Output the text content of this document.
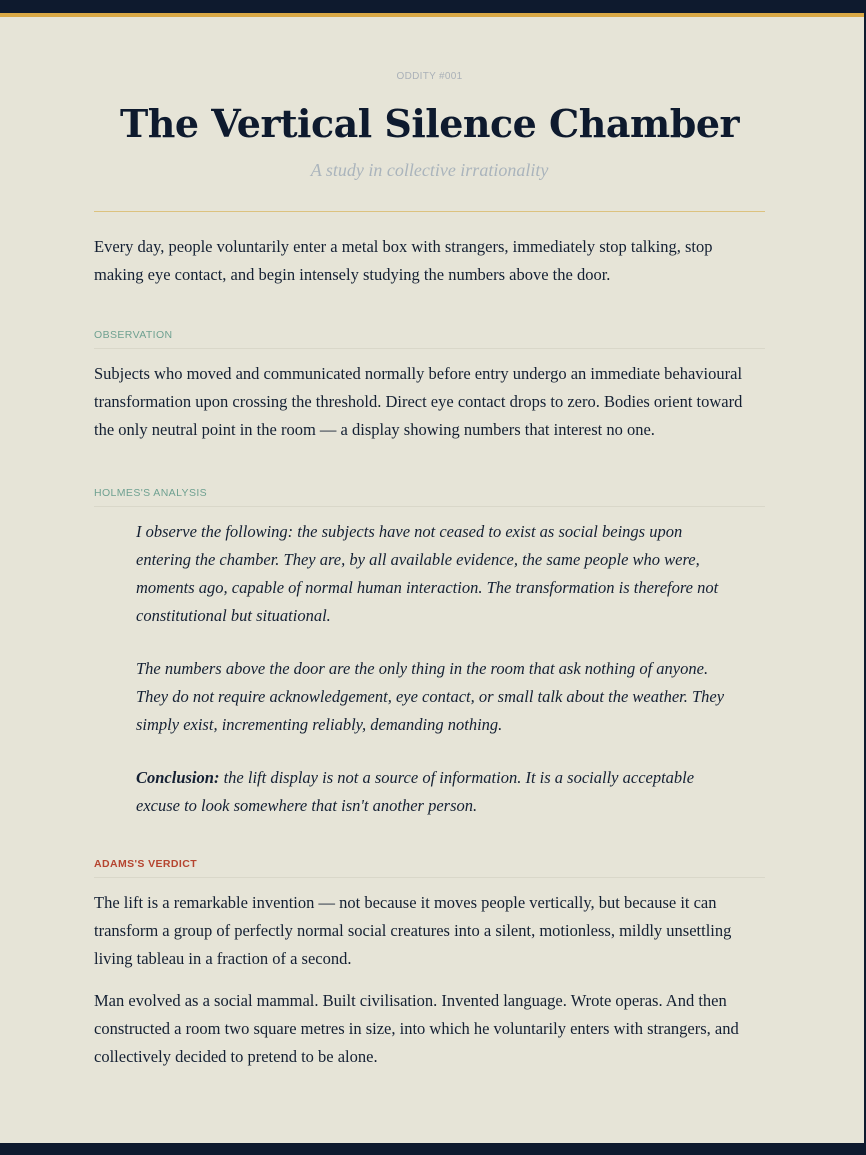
ODDITY #001
The Vertical Silence Chamber
A study in collective irrationality

Every day, people voluntarily enter a metal box with strangers, immediately stop talking, stop making eye contact, and begin intensely studying the numbers above the door.

OBSERVATION

Subjects who moved and communicated normally before entry undergo an immediate behavioural transformation upon crossing the threshold. Direct eye contact drops to zero. Bodies orient toward the only neutral point in the room — a display showing numbers that interest no one.

HOLMES'S ANALYSIS
I observe the following: the subjects have not ceased to exist as social beings upon entering the chamber. They are, by all available evidence, the same people who were, moments ago, capable of normal human interaction. The transformation is therefore not constitutional but situational.
The numbers above the door are the only thing in the room that ask nothing of anyone. They do not require acknowledgement, eye contact, or small talk about the weather. They simply exist, incrementing reliably, demanding nothing.
Conclusion: the lift display is not a source of information. It is a socially acceptable excuse to look somewhere that isn't another person.
ADAMS'S VERDICT

The lift is a remarkable invention — not because it moves people vertically, but because it can transform a group of perfectly normal social creatures into a silent, motionless, mildly unsettling living tableau in a fraction of a second.

Man evolved as a social mammal. Built civilisation. Invented language. Wrote operas. And then constructed a room two square metres in size, into which he voluntarily enters with strangers, and collectively decided to pretend to be alone.
